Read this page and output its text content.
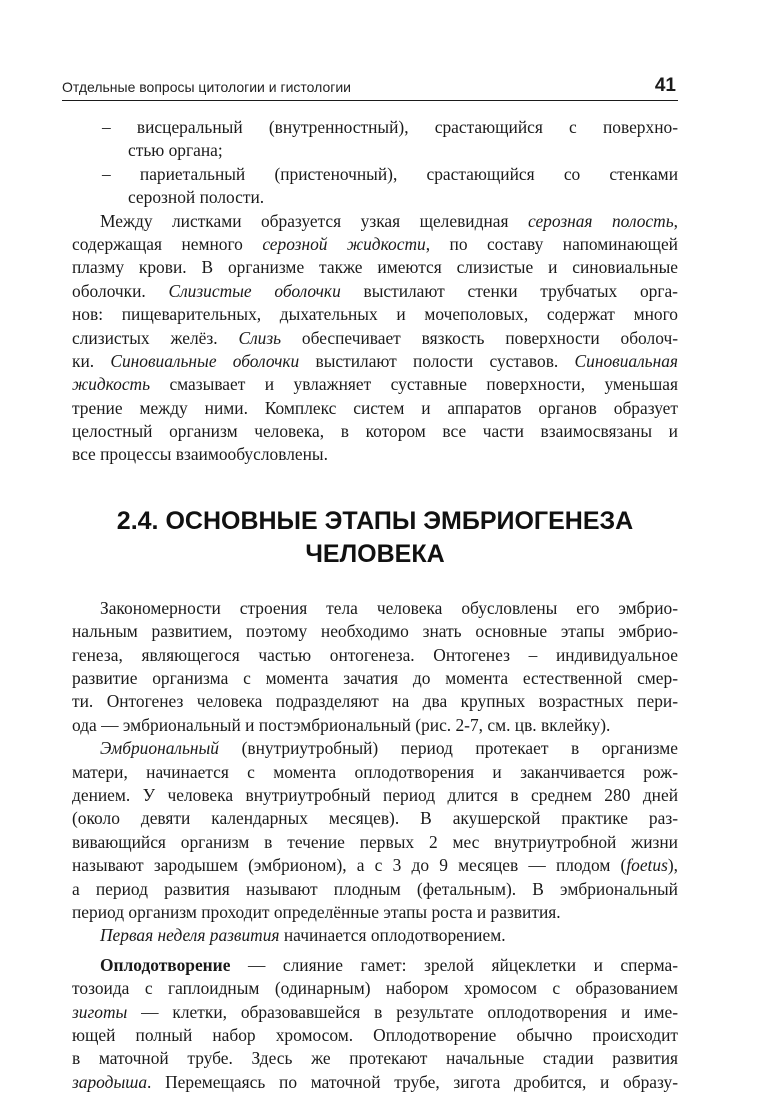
Отдельные вопросы цитологии и гистологии	41
– висцеральный (внутренностный), срастающийся с поверхно-
стью органа;
– париетальный (пристеночный), срастающийся со стенками
серозной полости.
Между листками образуется узкая щелевидная серозная полость,
содержащая немного серозной жидкости, по составу напоминающей
плазму крови. В организме также имеются слизистые и синовиальные
оболочки. Слизистые оболочки выстилают стенки трубчатых орга-
нов: пищеварительных, дыхательных и мочеполовых, содержат много
слизистых желёз. Слизь обеспечивает вязкость поверхности оболоч-
ки. Синовиальные оболочки выстилают полости суставов. Синовиальная
жидкость смазывает и увлажняет суставные поверхности, уменьшая
трение между ними. Комплекс систем и аппаратов органов образует
целостный организм человека, в котором все части взаимосвязаны и
все процессы взаимообусловлены.
2.4. ОСНОВНЫЕ ЭТАПЫ ЭМБРИОГЕНЕЗА
ЧЕЛОВЕКА
Закономерности строения тела человека обусловлены его эмбрио-
нальным развитием, поэтому необходимо знать основные этапы эмбрио-
генеза, являющегося частью онтогенеза. Онтогенез – индивидуальное
развитие организма с момента зачатия до момента естественной смер-
ти. Онтогенез человека подразделяют на два крупных возрастных пери-
ода — эмбриональный и постэмбриональный (рис. 2-7, см. цв. вклейку).
Эмбриональный (внутриутробный) период протекает в организме
матери, начинается с момента оплодотворения и заканчивается рож-
дением. У человека внутриутробный период длится в среднем 280 дней
(около девяти календарных месяцев). В акушерской практике раз-
вивающийся организм в течение первых 2 мес внутриутробной жизни
называют зародышем (эмбрионом), а с 3 до 9 месяцев — плодом (foetus),
а период развития называют плодным (фетальным). В эмбриональный
период организм проходит определённые этапы роста и развития.
Первая неделя развития начинается оплодотворением.
Оплодотворение — слияние гамет: зрелой яйцеклетки и сперма-
тозоида с гаплоидным (одинарным) набором хромосом с образованием
зиготы — клетки, образовавшейся в результате оплодотворения и име-
ющей полный набор хромосом. Оплодотворение обычно происходит
в маточной трубе. Здесь же протекают начальные стадии развития
зародыша. Перемещаясь по маточной трубе, зигота дробится, и образу-
